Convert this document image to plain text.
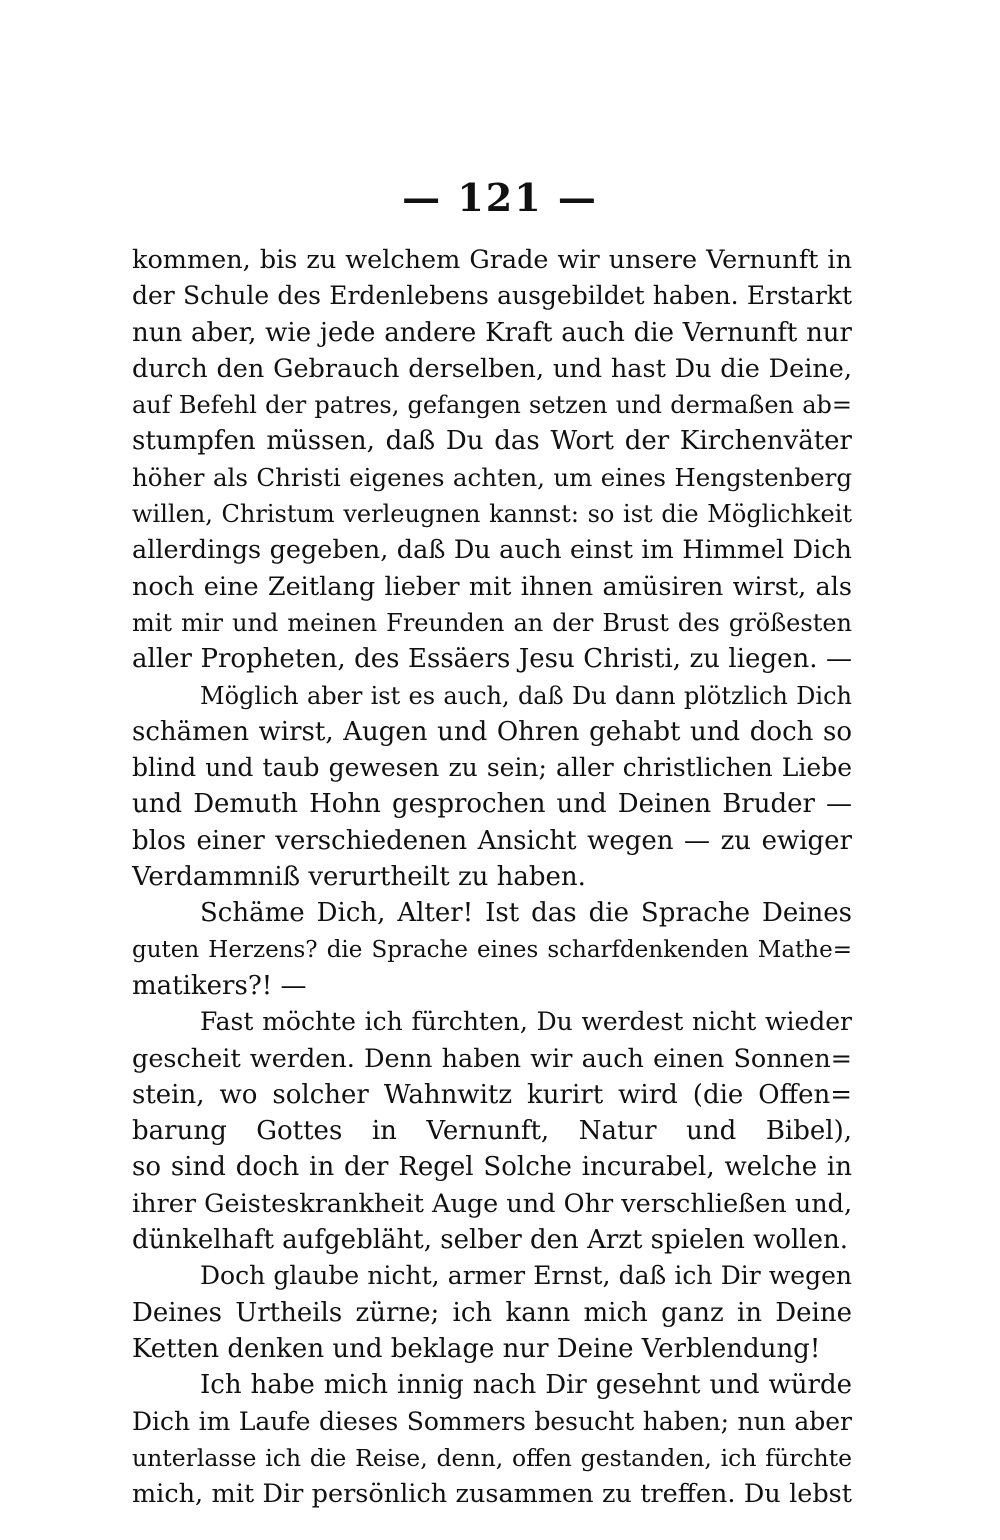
— 121 —
kommen, bis zu welchem Grade wir unsere Vernunft in
der Schule des Erdenlebens ausgebildet haben. Erstarkt
nun aber, wie jede andere Kraft auch die Vernunft nur
durch den Gebrauch derselben, und hast Du die Deine,
auf Befehl der patres, gefangen setzen und dermaßen ab=
stumpfen müssen, daß Du das Wort der Kirchenväter
höher als Christi eigenes achten, um eines Hengstenberg
willen, Christum verleugnen kannst: so ist die Möglichkeit
allerdings gegeben, daß Du auch einst im Himmel Dich
noch eine Zeitlang lieber mit ihnen amüsiren wirst, als
mit mir und meinen Freunden an der Brust des größesten
aller Propheten, des Essäers Jesu Christi, zu liegen. —
Möglich aber ist es auch, daß Du dann plötzlich Dich
schämen wirst, Augen und Ohren gehabt und doch so
blind und taub gewesen zu sein; aller christlichen Liebe
und Demuth Hohn gesprochen und Deinen Bruder —
blos einer verschiedenen Ansicht wegen — zu ewiger
Verdammniß verurtheilt zu haben.
Schäme Dich, Alter! Ist das die Sprache Deines
guten Herzens? die Sprache eines scharfdenkenden Mathe=
matikers?! —
Fast möchte ich fürchten, Du werdest nicht wieder
gescheit werden. Denn haben wir auch einen Sonnen=
stein, wo solcher Wahnwitz kurirt wird (die Offen=
barung Gottes in Vernunft, Natur und Bibel),
so sind doch in der Regel Solche incurabel, welche in
ihrer Geisteskrankheit Auge und Ohr verschließen und,
dünkelhaft aufgebläht, selber den Arzt spielen wollen.
Doch glaube nicht, armer Ernst, daß ich Dir wegen
Deines Urtheils zürne; ich kann mich ganz in Deine
Ketten denken und beklage nur Deine Verblendung!
Ich habe mich innig nach Dir gesehnt und würde
Dich im Laufe dieses Sommers besucht haben; nun aber
unterlasse ich die Reise, denn, offen gestanden, ich fürchte
mich, mit Dir persönlich zusammen zu treffen. Du lebst
